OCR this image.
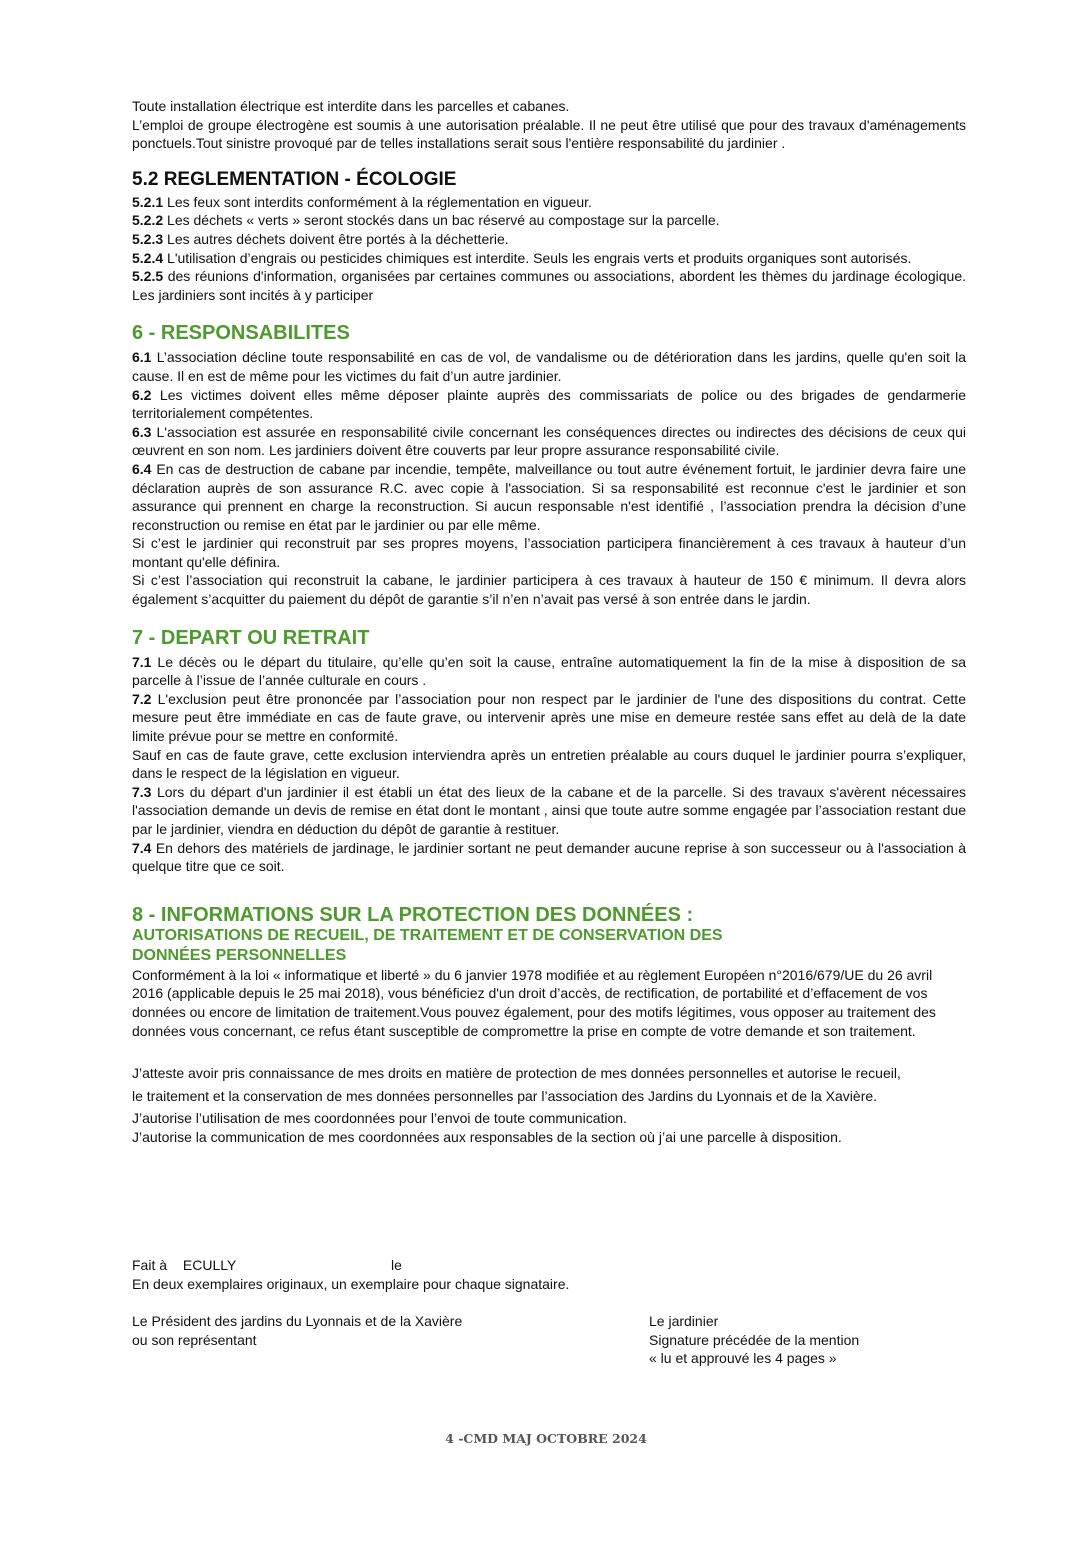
Toute installation électrique est interdite dans les parcelles et cabanes.

L’emploi de groupe électrogène est soumis à une autorisation préalable. Il ne peut être utilisé que pour des travaux d'aménagements ponctuels.Tout sinistre provoqué par de telles installations serait sous l'entière responsabilité du jardinier .

5.2 REGLEMENTATION - ÉCOLOGIE

5.2.1 Les feux sont interdits conformément à la réglementation en vigueur.

5.2.2 Les déchets « verts » seront stockés dans un bac réservé au compostage sur la parcelle.

5.2.3 Les autres déchets doivent être portés à la déchetterie.

5.2.4 L'utilisation d’engrais ou pesticides chimiques est interdite. Seuls les engrais verts et produits organiques sont autorisés.

5.2.5 des réunions d'information, organisées par certaines communes ou associations, abordent les thèmes du jardinage écologique. Les jardiniers sont incités à y participer

6 - RESPONSABILITES

6.1 L’association décline toute responsabilité en cas de vol, de vandalisme ou de détérioration dans les jardins, quelle qu'en soit la cause. Il en est de même pour les victimes du fait d’un autre jardinier.

6.2 Les victimes doivent elles même déposer plainte auprès des commissariats de police ou des brigades de gendarmerie territorialement compétentes.

6.3 L'association est assurée en responsabilité civile concernant les conséquences directes ou indirectes des décisions de ceux qui œuvrent en son nom. Les jardiniers doivent être couverts par leur propre assurance responsabilité civile.

6.4 En cas de destruction de cabane par incendie, tempête, malveillance ou tout autre événement fortuit, le jardinier devra faire une déclaration auprès de son assurance R.C. avec copie à l'association. Si sa responsabilité est reconnue c'est le jardinier et son assurance qui prennent en charge la reconstruction. Si aucun responsable n'est identifié , l’association prendra la décision d’une reconstruction ou remise en état par le jardinier ou par elle même.

Si c’est le jardinier qui reconstruit par ses propres moyens, l’association participera financièrement à ces travaux à hauteur d’un montant qu'elle définira.

Si c’est l’association qui reconstruit la cabane, le jardinier participera à ces travaux à hauteur de 150 € minimum. Il devra alors également s’acquitter du paiement du dépôt de garantie s’il n’en n’avait pas versé à son entrée dans le jardin.

7 - DEPART OU RETRAIT

7.1 Le décès ou le départ du titulaire, qu’elle qu’en soit la cause, entraîne automatiquement la fin de la mise à disposition de sa parcelle à l’issue de l’année culturale en cours .

7.2 L'exclusion peut être prononcée par l’association pour non respect par le jardinier de l'une des dispositions du contrat. Cette mesure peut être immédiate en cas de faute grave, ou intervenir après une mise en demeure restée sans effet au delà de la date limite prévue pour se mettre en conformité.

Sauf en cas de faute grave, cette exclusion interviendra après un entretien préalable au cours duquel le jardinier pourra s’expliquer, dans le respect de la législation en vigueur.

7.3 Lors du départ d'un jardinier il est établi un état des lieux de la cabane et de la parcelle. Si des travaux s'avèrent nécessaires l'association demande un devis de remise en état dont le montant , ainsi que toute autre somme engagée par l’association restant due par le jardinier, viendra en déduction du dépôt de garantie à restituer.

7.4 En dehors des matériels de jardinage, le jardinier sortant ne peut demander aucune reprise à son successeur ou à l'association à quelque titre que ce soit.

8 - INFORMATIONS SUR LA PROTECTION DES DONNÉES :
AUTORISATIONS DE RECUEIL, DE TRAITEMENT ET DE CONSERVATION DES
DONNÉES PERSONNELLES

Conformément à la loi « informatique et liberté » du 6 janvier 1978 modifiée et au règlement Européen n°2016/679/UE du 26 avril 2016 (applicable depuis le 25 mai 2018), vous bénéficiez d'un droit d’accès, de rectification, de portabilité et d’effacement de vos données ou encore de limitation de traitement.Vous pouvez également, pour des motifs légitimes, vous opposer au traitement des données vous concernant, ce refus étant susceptible de compromettre la prise en compte de votre demande et son traitement.

J’atteste avoir pris connaissance de mes droits en matière de protection de mes données personnelles et autorise le recueil,

le traitement et la conservation de mes données personnelles par l’association des Jardins du Lyonnais et de la Xavière.

J’autorise l’utilisation de mes coordonnées pour l’envoi de toute communication.

J’autorise la communication de mes coordonnées aux responsables de la section où j’ai une parcelle à disposition.

Fait à ECULLY	le
En deux exemplaires originaux, un exemplaire pour chaque signataire.
Le Président des jardins du Lyonnais et de la Xavière
ou son représentant
Le jardinier
Signature précédée de la mention
« lu et approuvé les 4 pages »
4 -CMD MAJ OCTOBRE 2024
